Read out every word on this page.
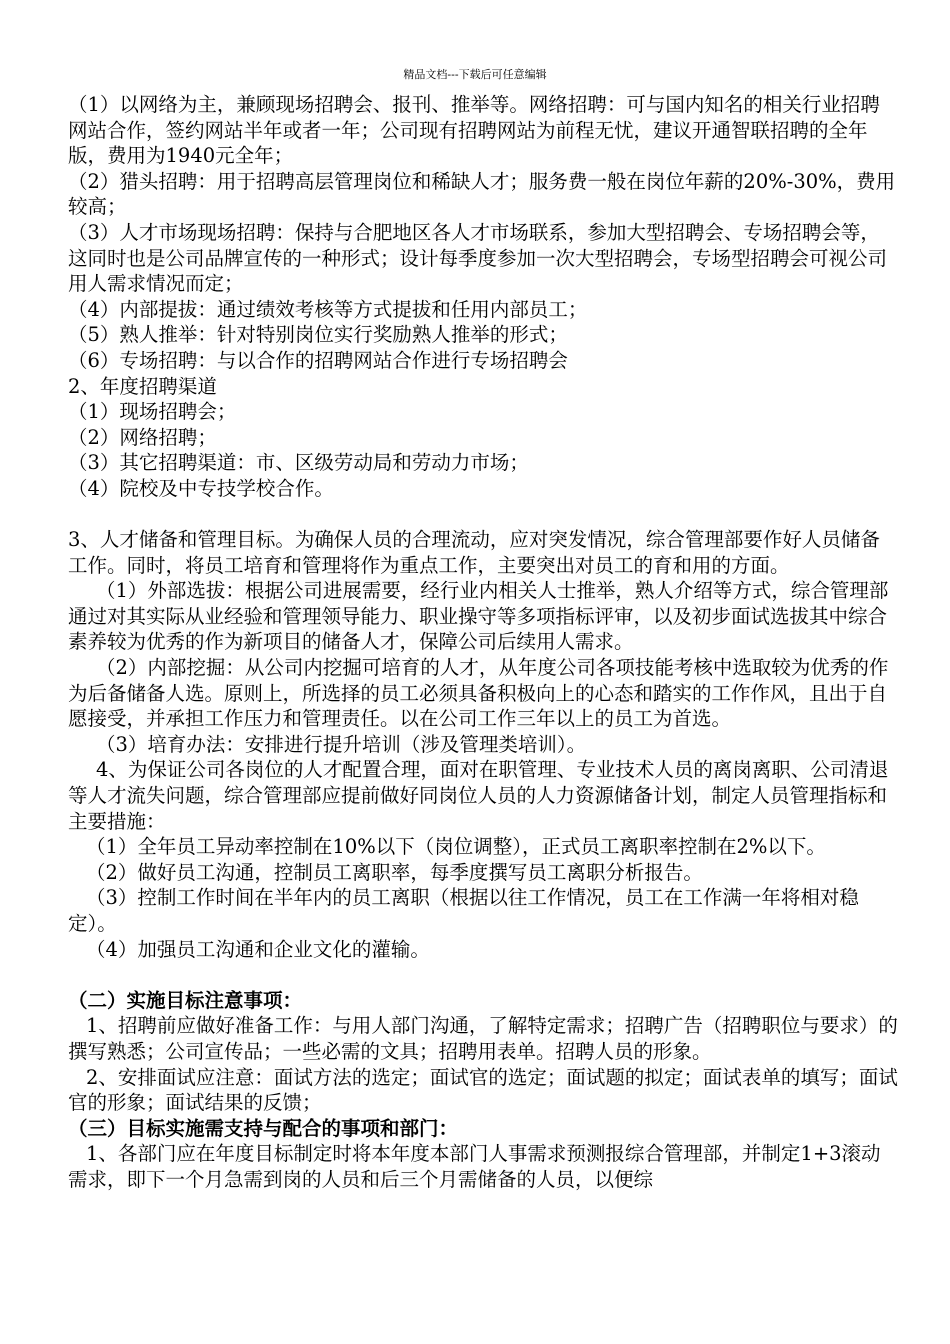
精品文档---下载后可任意编辑

（1）以网络为主，兼顾现场招聘会、报刊、推举等。网络招聘：可与国内知名的相关行业招聘网站合作，签约网站半年或者一年；公司现有招聘网站为前程无忧，建议开通智联招聘的全年版，费用为1940元全年；

（2）猎头招聘：用于招聘高层管理岗位和稀缺人才；服务费一般在岗位年薪的20%-30%，费用较高；

（3）人才市场现场招聘：保持与合肥地区各人才市场联系，参加大型招聘会、专场招聘会等，这同时也是公司品牌宣传的一种形式；设计每季度参加一次大型招聘会，专场型招聘会可视公司用人需求情况而定；

（4）内部提拔：通过绩效考核等方式提拔和任用内部员工；

（5）熟人推举：针对特别岗位实行奖励熟人推举的形式；

（6）专场招聘：与以合作的招聘网站合作进行专场招聘会

2、年度招聘渠道

（1）现场招聘会；

（2）网络招聘；

（3）其它招聘渠道：市、区级劳动局和劳动力市场；

（4）院校及中专技学校合作。

3、人才储备和管理目标。为确保人员的合理流动，应对突发情况，综合管理部要作好人员储备工作。同时，将员工培育和管理将作为重点工作，主要突出对员工的育和用的方面。

（1）外部选拔：根据公司进展需要，经行业内相关人士推举，熟人介绍等方式，综合管理部通过对其实际从业经验和管理领导能力、职业操守等多项指标评审，以及初步面试选拔其中综合素养较为优秀的作为新项目的储备人才，保障公司后续用人需求。

（2）内部挖掘：从公司内挖掘可培育的人才，从年度公司各项技能考核中选取较为优秀的作为后备储备人选。原则上，所选择的员工必须具备积极向上的心态和踏实的工作作风，且出于自愿接受，并承担工作压力和管理责任。以在公司工作三年以上的员工为首选。

（3）培育办法：安排进行提升培训（涉及管理类培训）。

4、为保证公司各岗位的人才配置合理，面对在职管理、专业技术人员的离岗离职、公司清退等人才流失问题，综合管理部应提前做好同岗位人员的人力资源储备计划，制定人员管理指标和主要措施：

（1）全年员工异动率控制在10%以下（岗位调整），正式员工离职率控制在2%以下。

（2）做好员工沟通，控制员工离职率，每季度撰写员工离职分析报告。

（3）控制工作时间在半年内的员工离职（根据以往工作情况，员工在工作满一年将相对稳定）。

（4）加强员工沟通和企业文化的灌输。

（二）实施目标注意事项：

1、招聘前应做好准备工作：与用人部门沟通，了解特定需求；招聘广告（招聘职位与要求）的撰写熟悉；公司宣传品；一些必需的文具；招聘用表单。招聘人员的形象。

2、安排面试应注意：面试方法的选定；面试官的选定；面试题的拟定；面试表单的填写；面试官的形象；面试结果的反馈；

（三）目标实施需支持与配合的事项和部门：

1、各部门应在年度目标制定时将本年度本部门人事需求预测报综合管理部，并制定1+3滚动需求，即下一个月急需到岗的人员和后三个月需储备的人员，以便综
